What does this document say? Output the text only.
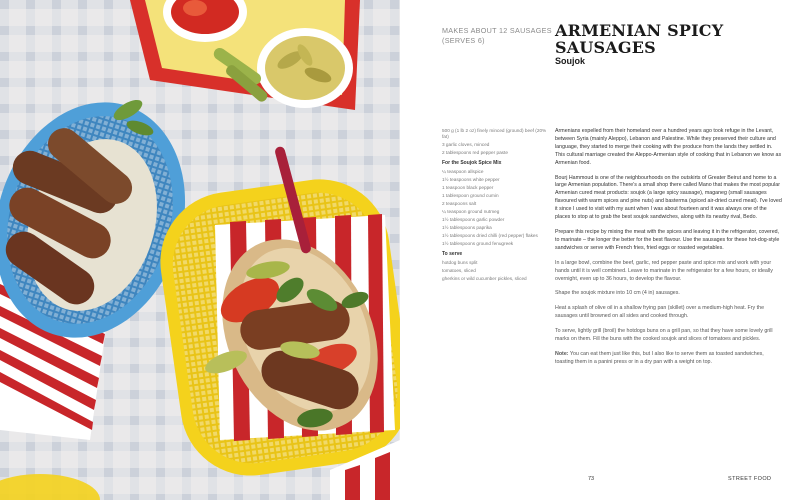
MAKES ABOUT 12 SAUSAGES (SERVES 6)
ARMENIAN SPICY SAUSAGES
Soujok
500 g (1 lb 2 oz) finely minced (ground) beef (20% fat)
3 garlic cloves, minced
2 tablespoons red pepper paste
For the Soujok Spice Mix
¼ teaspoon allspice
1½ teaspoons white pepper
1 teaspoon black pepper
1 tablespoon ground cumin
2 teaspoons salt
¼ teaspoon ground nutmeg
1½ tablespoons garlic powder
1½ tablespoons paprika
1½ tablespoons dried chilli (red pepper) flakes
1½ tablespoons ground fenugreek
To serve
hotdog buns split
tomatoes, sliced
gherkins or wild cucumber pickles, sliced

Armenians expelled from their homeland over a hundred years ago took refuge in the Levant, between Syria (mainly Aleppo), Lebanon and Palestine. While they preserved their culture and language, they started to merge their cooking with the produce from the lands they settled in. This cultural marriage created the Aleppo-Armenian style of cooking that in Lebanon we know as Armenian food.

Bourj Hammoud is one of the neighbourhoods on the outskirts of Greater Beirut and home to a large Armenian population. There's a small shop there called Mano that makes the most popular Armenian cured meat products: soujok (a large spicy sausage), maganeg (small sausages flavoured with warm spices and pine nuts) and basterma (spiced air-dried cured meat). I've loved it since I used to visit with my aunt when I was about fourteen and it was always one of the places to stop at to grab the best soujok sandwiches, along with its nearby rival, Bedo.

Prepare this recipe by mixing the meat with the spices and leaving it in the refrigerator, covered, to marinate – the longer the better for the best flavour. Use the sausages for these hot-dog-style sandwiches or serve with French fries, fried eggs or roasted vegetables.

In a large bowl, combine the beef, garlic, red pepper paste and spice mix and work with your hands until it is well combined. Leave to marinate in the refrigerator for a few hours, or ideally overnight, even up to 36 hours, to develop the flavour.

Shape the soujok mixture into 10 cm (4 in) sausages.

Heat a splash of olive oil in a shallow frying pan (skillet) over a medium-high heat. Fry the sausages until browned on all sides and cooked through.

To serve, lightly grill (broil) the hotdogs buns on a grill pan, so that they have some lovely grill marks on them. Fill the buns with the cooked soujok and slices of tomatoes and pickles.

Note: You can eat them just like this, but I also like to serve them as toasted sandwiches, toasting them in a panini press or in a dry pan with a weight on top.

73	STREET FOOD
